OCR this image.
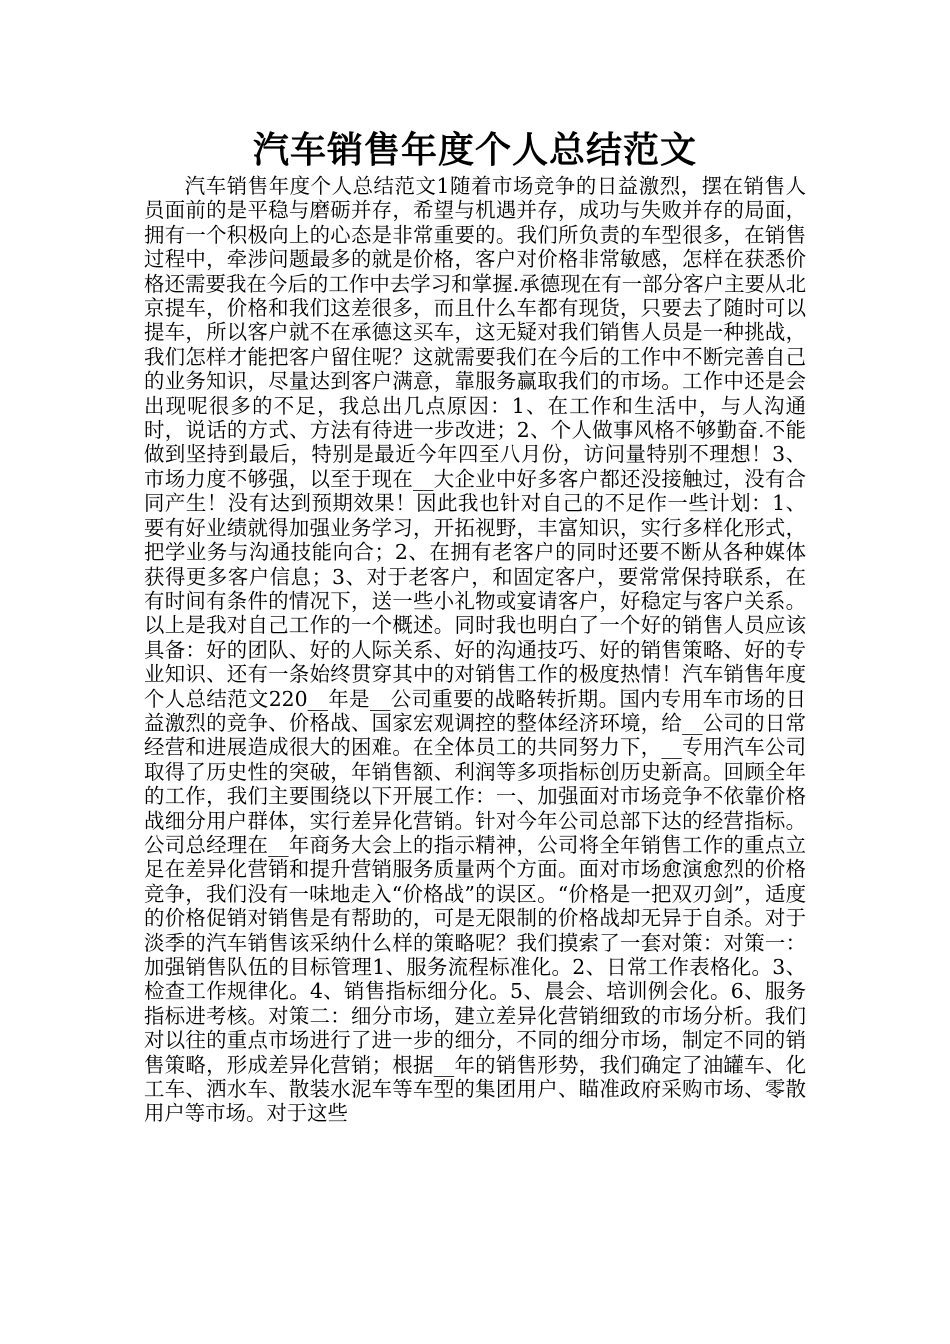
汽车销售年度个人总结范文

汽车销售年度个人总结范文1随着市场竞争的日益激烈，摆在销售人员面前的是平稳与磨砺并存，希望与机遇并存，成功与失败并存的局面，拥有一个积极向上的心态是非常重要的。我们所负责的车型很多，在销售过程中，牵涉问题最多的就是价格，客户对价格非常敏感，怎样在获悉价格还需要我在今后的工作中去学习和掌握.承德现在有一部分客户主要从北京提车，价格和我们这差很多，而且什么车都有现货，只要去了随时可以提车，所以客户就不在承德这买车，这无疑对我们销售人员是一种挑战，我们怎样才能把客户留住呢？这就需要我们在今后的工作中不断完善自己的业务知识，尽量达到客户满意，靠服务赢取我们的市场。工作中还是会出现呢很多的不足，我总出几点原因：1、在工作和生活中，与人沟通时，说话的方式、方法有待进一步改进；2、个人做事风格不够勤奋.不能做到坚持到最后，特别是最近今年四至八月份，访问量特别不理想！3、市场力度不够强，以至于现在__大企业中好多客户都还没接触过，没有合同产生！没有达到预期效果！因此我也针对自己的不足作一些计划：1、要有好业绩就得加强业务学习，开拓视野，丰富知识，实行多样化形式，把学业务与沟通技能向合；2、在拥有老客户的同时还要不断从各种媒体获得更多客户信息；3、对于老客户，和固定客户，要常常保持联系，在有时间有条件的情况下，送一些小礼物或宴请客户，好稳定与客户关系。以上是我对自己工作的一个概述。同时我也明白了一个好的销售人员应该具备：好的团队、好的人际关系、好的沟通技巧、好的销售策略、好的专业知识、还有一条始终贯穿其中的对销售工作的极度热情！汽车销售年度个人总结范文220__年是__公司重要的战略转折期。国内专用车市场的日益激烈的竞争、价格战、国家宏观调控的整体经济环境，给__公司的日常经营和进展造成很大的困难。在全体员工的共同努力下，__专用汽车公司取得了历史性的突破，年销售额、利润等多项指标创历史新高。回顾全年的工作，我们主要围绕以下开展工作：一、加强面对市场竞争不依靠价格战细分用户群体，实行差异化营销。针对今年公司总部下达的经营指标。公司总经理在__年商务大会上的指示精神，公司将全年销售工作的重点立足在差异化营销和提升营销服务质量两个方面。面对市场愈演愈烈的价格竞争，我们没有一味地走入“价格战”的误区。“价格是一把双刃剑”，适度的价格促销对销售是有帮助的，可是无限制的价格战却无异于自杀。对于淡季的汽车销售该采纳什么样的策略呢？我们摸索了一套对策：对策一：加强销售队伍的目标管理1、服务流程标准化。2、日常工作表格化。3、检查工作规律化。4、销售指标细分化。5、晨会、培训例会化。6、服务指标进考核。对策二：细分市场，建立差异化营销细致的市场分析。我们对以往的重点市场进行了进一步的细分，不同的细分市场，制定不同的销售策略，形成差异化营销；根据__年的销售形势，我们确定了油罐车、化工车、洒水车、散装水泥车等车型的集团用户、瞄准政府采购市场、零散用户等市场。对于这些
